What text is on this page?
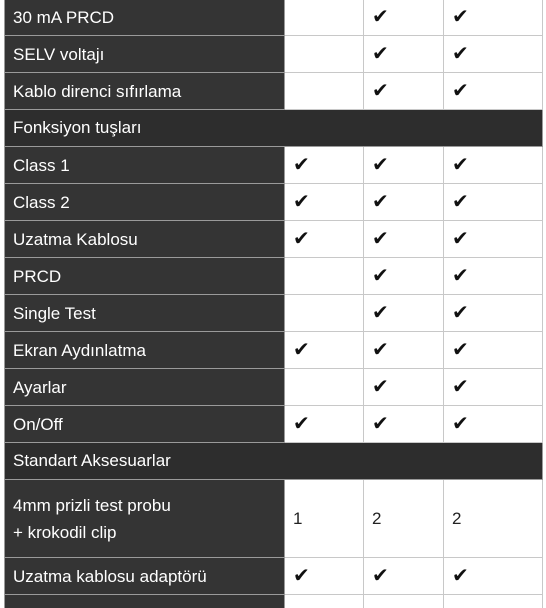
30 mA PRCD		✔	✔
SELV voltajı		✔	✔
Kablo direnci sıfırlama		✔	✔
Fonksiyon tuşları			
Class 1	✔	✔	✔
Class 2	✔	✔	✔
Uzatma Kablosu	✔	✔	✔
PRCD		✔	✔
Single Test		✔	✔
Ekran Aydınlatma	✔	✔	✔
Ayarlar		✔	✔
On/Off	✔	✔	✔
Standart Aksesuarlar			

4mm prizli test probu
+ krokodil clip	1	2	2
Uzatma kablosu adaptörü	✔	✔	✔
